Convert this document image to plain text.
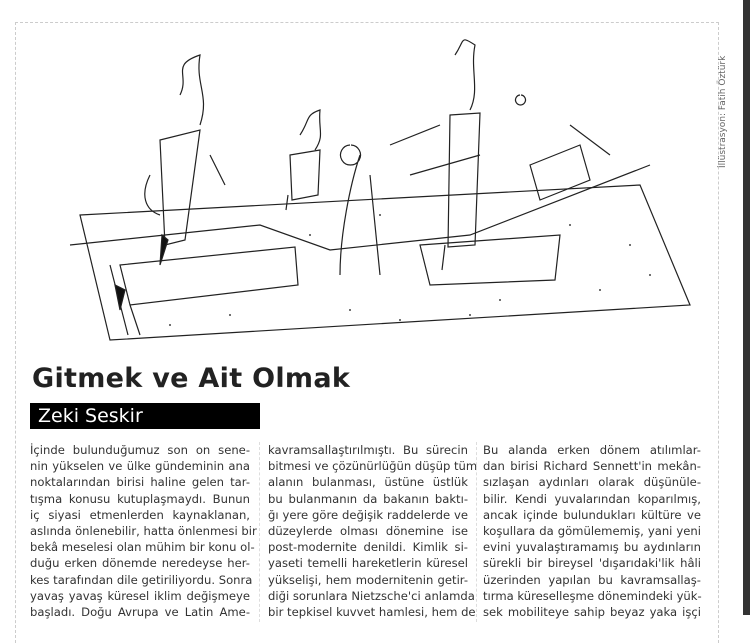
İllüstrasyon: Fatih Öztürk
Gitmek ve Ait Olmak
Zeki Seskir
İçinde bulunduğumuz son on sene-
nin yükselen ve ülke gündeminin ana
noktalarından birisi haline gelen tar-
tışma konusu kutuplaşmaydı. Bunun
iç siyasi etmenlerden kaynaklanan,
aslında önlenebilir, hatta önlenmesi bir
bekâ meselesi olan mühim bir konu ol-
duğu erken dönemde neredeyse her-
kes tarafından dile getiriliyordu. Sonra
yavaş yavaş küresel iklim değişmeye
başladı. Doğu Avrupa ve Latin Ame-
kavramsallaştırılmıştı. Bu sürecin
bitmesi ve çözünürlüğün düşüp tüm
alanın bulanması, üstüne üstlük
bu bulanmanın da bakanın baktı-
ğı yere göre değişik raddelerde ve
düzeylerde olması dönemine ise
post-modernite denildi. Kimlik si-
yaseti temelli hareketlerin küresel
yükselişi, hem modernitenin getir-
diği sorunlara Nietzsche'ci anlamda
bir tepkisel kuvvet hamlesi, hem de
Bu alanda erken dönem atılımlar-
dan birisi Richard Sennett'in mekân-
sızlaşan aydınları olarak düşünüle-
bilir. Kendi yuvalarından koparılmış,
ancak içinde bulundukları kültüre ve
koşullara da gömülememiş, yani yeni
evini yuvalaştıramamış bu aydınların
sürekli bir bireysel 'dışarıdaki'lik hâli
üzerinden yapılan bu kavramsallaş-
tırma küreselleşme dönemindeki yük-
sek mobiliteye sahip beyaz yaka işçi
